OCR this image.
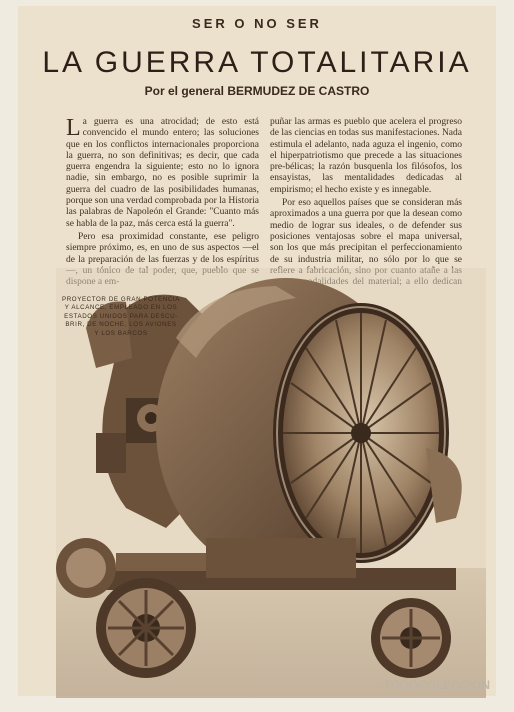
SER O NO SER
LA GUERRA TOTALITARIA
Por el general BERMUDEZ DE CASTRO

La guerra es una atrocidad; de esto está convencido el mundo entero; las soluciones que en los conflictos internacionales proporciona la guerra, no son definitivas; es decir, que cada guerra engendra la siguiente; esto no lo ignora nadie, sin embargo, no es posible suprimir la guerra del cuadro de las posibilidades humanas, porque son una verdad comprobada por la Historia las palabras de Napoleón el Grande: "Cuanto más se habla de la paz, más cerca está la guerra".

Pero esa proximidad constante, ese peligro siempre próximo, es, en uno de sus aspectos —el de la preparación de las fuerzas y de los espíritus

puñar las armas es pueblo que acelera el progreso de las ciencias en todas sus manifestaciones. Nada estimula el adelanto, nada aguza el ingenio, como el hiperpatriotismo que precede a las situaciones pre-bélicas; la razón busquenla los filósofos, los ensayistas, las mentalidades dedicadas al empirismo; el hecho existe y es innegable.

Por eso aquellos países que se consideran más aproximados a una guerra por que la desean como medio de lograr sus ideales, o de defender sus posiciones ventajosas sobre el mapa universal, son los que más precipitan el perfeccionamiento de su industria militar, no sólo por lo que se

PROYECTOR DE GRAN POTENCIA
Y ALCANCE, EMPLEADO EN LOS
ESTADOS UNIDOS PARA DESCU-
BRIR, DE NOCHE, LOS AVIONES
Y LOS BARCOS
TODOCOLECCION
